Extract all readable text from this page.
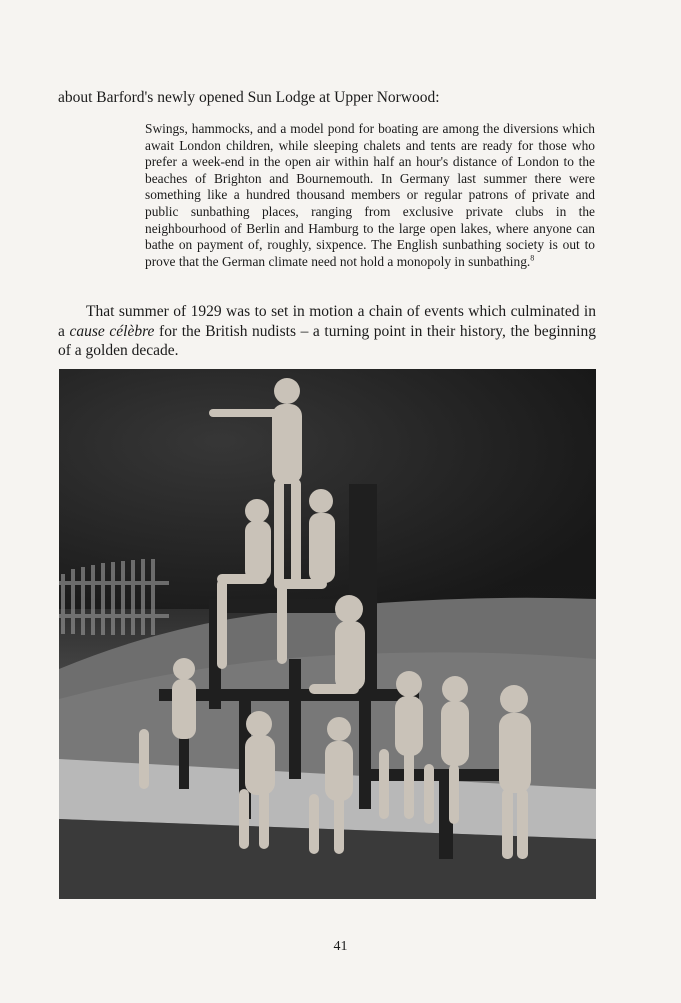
about Barford's newly opened Sun Lodge at Upper Norwood:

Swings, hammocks, and a model pond for boating are among the diversions which await London children, while sleeping chalets and tents are ready for those who prefer a week-end in the open air within half an hour's distance of London to the beaches of Brighton and Bournemouth. In Germany last summer there were something like a hundred thousand members or regular patrons of private and public sunbathing places, ranging from exclusive private clubs in the neighbourhood of Berlin and Hamburg to the large open lakes, where anyone can bathe on payment of, roughly, sixpence. The English sunbathing society is out to prove that the German climate need not hold a monopoly in sunbathing.$^8$

That summer of 1929 was to set in motion a chain of events which culminated in a cause célèbre for the British nudists – a turning point in their history, the beginning of a golden decade.

41
